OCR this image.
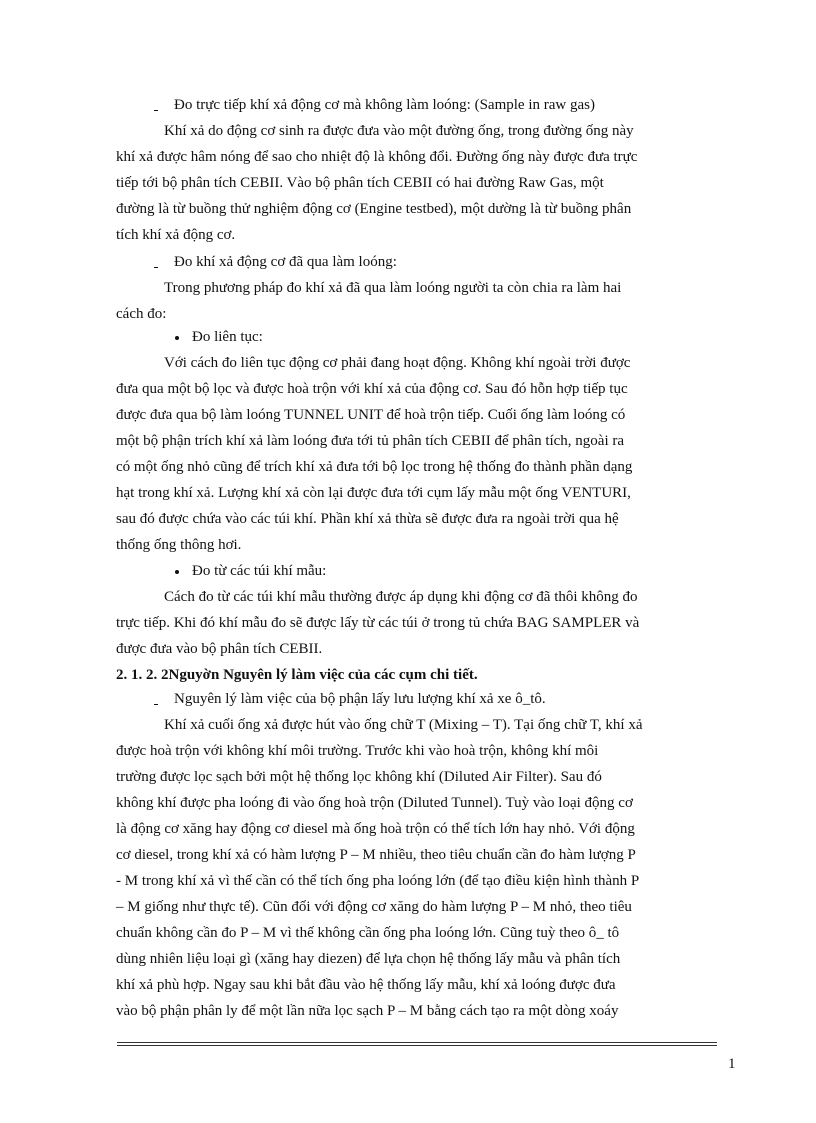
Đo trực tiếp khí xả động cơ mà không làm loóng: (Sample in raw gas)
Khí xả do động cơ sinh ra được đưa vào một đường ống, trong đường ống này
khí xả được hâm nóng để sao cho nhiệt độ là không đổi. Đường ống này được đưa trực
tiếp tới bộ phân tích CEBII. Vào bộ phân tích CEBII có hai đường Raw Gas, một
đường là từ buồng thử nghiệm động cơ (Engine testbed), một dường là từ buồng phân
tích khí xả động cơ.
Đo khí xả động cơ đã qua làm loóng:
Trong phương pháp đo khí xả đã qua làm loóng người ta còn chia ra làm hai
cách đo:
Đo liên tục:
Với cách đo liên tục động cơ phải đang hoạt động. Không khí ngoài trời được
đưa qua một bộ lọc và được hoà trộn với khí xả của động cơ. Sau đó hỗn hợp tiếp tục
được đưa qua bộ làm loóng TUNNEL UNIT để hoà trộn tiếp. Cuối ống làm loóng có
một bộ phận trích khí xả làm loóng đưa tới tủ phân tích CEBII để phân tích, ngoài ra
có một ống nhỏ cũng để trích khí xả đưa tới bộ lọc trong hệ thống đo thành phần dạng
hạt trong khí xả. Lượng khí xả còn lại được đưa tới cụm lấy mẫu một ống VENTURI,
sau đó được chứa vào các túi khí. Phần khí xả thừa sẽ được đưa ra ngoài trời qua hệ
thống ống thông hơi.
Đo từ các túi khí mẫu:
Cách đo từ các túi khí mẫu thường được áp dụng khi động cơ đã thôi không đo
trực tiếp. Khi đó khí mẫu đo sẽ được lấy từ các túi ở trong tủ chứa BAG SAMPLER và
được đưa vào bộ phân tích CEBII.
2. 1. 2. 2Nguyờn Nguyên lý làm việc của các cụm chi tiết.
Nguyên lý làm việc của bộ phận lấy lưu lượng khí xả xe ô_tô.
Khí xả cuối ống xả được hút vào ống chữ T (Mixing – T). Tại ống chữ T, khí xả
được hoà trộn với không khí môi trường. Trước khi vào hoà trộn, không khí môi
trường được lọc sạch bởi một hệ thống lọc không khí (Diluted Air Filter). Sau đó
không khí được pha loóng đi vào ống hoà trộn (Diluted Tunnel). Tuỳ vào loại động cơ
là động cơ xăng hay động cơ diesel mà ống hoà trộn có thể tích lớn hay nhỏ. Với động
cơ diesel, trong khí xả có hàm lượng P – M nhiều, theo tiêu chuẩn cần đo hàm lượng P
- M trong khí xả vì thế cần có thể tích ống pha loóng lớn (để tạo điều kiện hình thành P
– M giống như thực tế). Cũn đối với động cơ xăng do hàm lượng P – M nhỏ, theo tiêu
chuẩn không cần đo P – M vì thế không cần ống pha loóng lớn. Cũng tuỳ theo ô_ tô
dùng nhiên liệu loại gì (xăng hay diezen) để lựa chọn hệ thống lấy mẫu và phân tích
khí xả phù hợp. Ngay sau khi bắt đầu vào hệ thống lấy mẫu, khí xả loóng được đưa
vào bộ phận phân ly để một lần nữa lọc sạch P – M bằng cách tạo ra một dòng xoáy
1
